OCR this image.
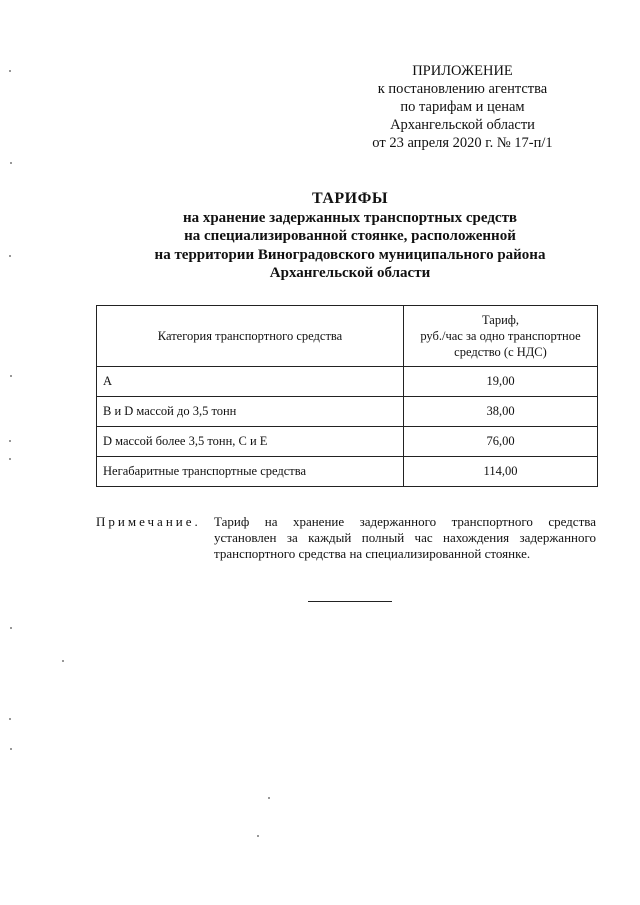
ПРИЛОЖЕНИЕ
к постановлению агентства
по тарифам и ценам
Архангельской области
от 23 апреля 2020 г. № 17-п/1
ТАРИФЫ
на хранение задержанных транспортных средств
на специализированной стоянке, расположенной
на территории Виноградовского муниципального района
Архангельской области
Категория транспортного средства	Тариф,
руб./час за одно транспортное
средство (с НДС)
А	19,00
В и D массой до 3,5 тонн	38,00
D массой более 3,5 тонн, С и Е	76,00
Негабаритные транспортные средства	114,00
Примечание. Тариф на хранение задержанного транспортного средства установлен за каждый полный час нахождения задержанного транспортного средства на специализированной стоянке.
